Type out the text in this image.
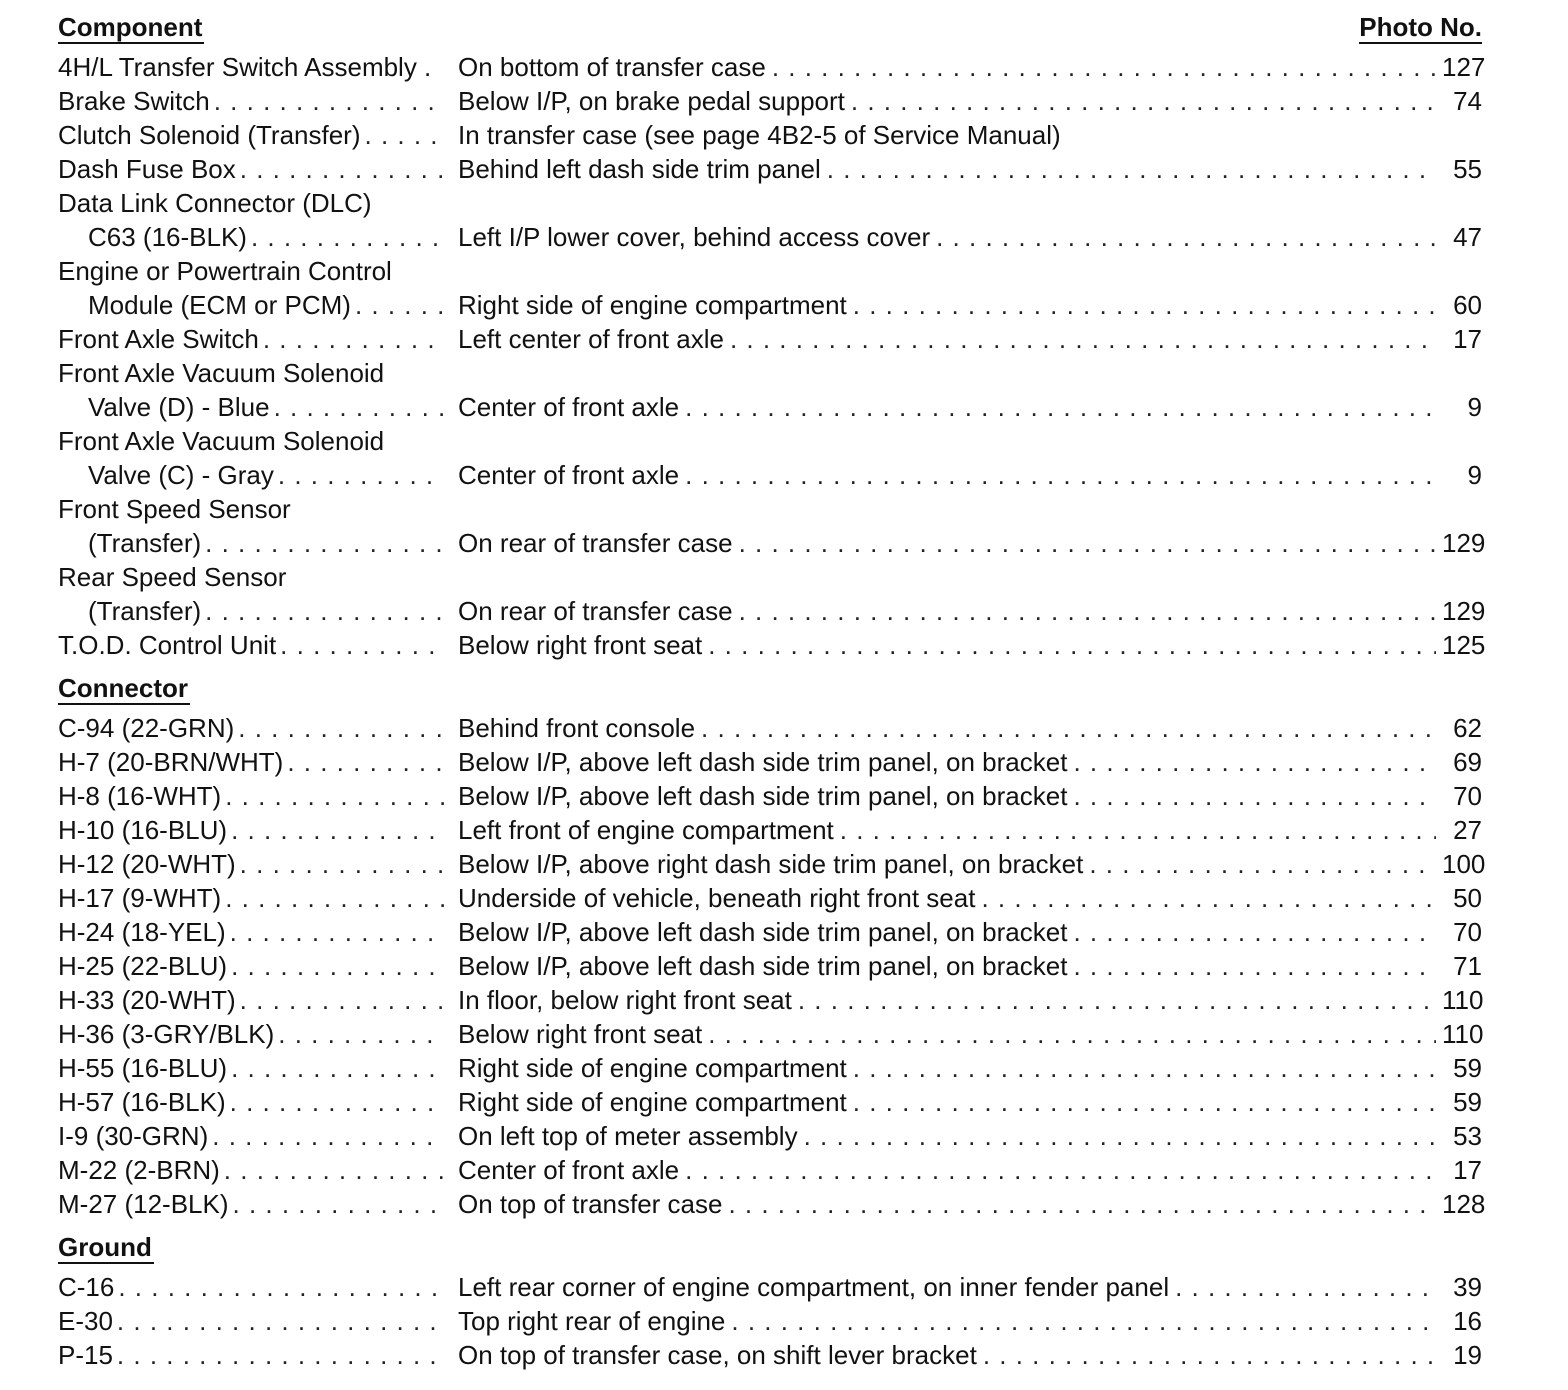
Component	Photo No.
4H/L Transfer Switch Assembly . On bottom of transfer case . . .	127
Brake Switch . . .	Below I/P, on brake pedal support . . .	74
Clutch Solenoid (Transfer) . . .	In transfer case (see page 4B2-5 of Service Manual)
Dash Fuse Box . . .	Behind left dash side trim panel . . .	55
Data Link Connector (DLC)
C63 (16-BLK) . . .	Left I/P lower cover, behind access cover . . .	47
Engine or Powertrain Control
Module (ECM or PCM) . . .	Right side of engine compartment . . .	60
Front Axle Switch . . .	Left center of front axle . . .	17
Front Axle Vacuum Solenoid
Valve (D) - Blue . . .	Center of front axle . . .	9
Front Axle Vacuum Solenoid
Valve (C) - Gray . . .	Center of front axle . . .	9
Front Speed Sensor
(Transfer) . . .	On rear of transfer case . . .	129
Rear Speed Sensor
(Transfer) . . .	On rear of transfer case . . .	129
T.O.D. Control Unit . . .	Below right front seat . . .	125
Connector
C-94 (22-GRN) . . .	Behind front console . . .	62
H-7 (20-BRN/WHT) . . .	Below I/P, above left dash side trim panel, on bracket . . .	69
H-8 (16-WHT) . . .	Below I/P, above left dash side trim panel, on bracket . . .	70
H-10 (16-BLU) . . .	Left front of engine compartment . . .	27
H-12 (20-WHT) . . .	Below I/P, above right dash side trim panel, on bracket . . .	100
H-17 (9-WHT) . . .	Underside of vehicle, beneath right front seat . . .	50
H-24 (18-YEL) . . .	Below I/P, above left dash side trim panel, on bracket . . .	70
H-25 (22-BLU) . . .	Below I/P, above left dash side trim panel, on bracket . . .	71
H-33 (20-WHT) . . .	In floor, below right front seat . . .	110
H-36 (3-GRY/BLK) . . .	Below right front seat . . .	110
H-55 (16-BLU) . . .	Right side of engine compartment . . .	59
H-57 (16-BLK) . . .	Right side of engine compartment . . .	59
I-9 (30-GRN) . . .	On left top of meter assembly . . .	53
M-22 (2-BRN) . . .	Center of front axle . . .	17
M-27 (12-BLK) . . .	On top of transfer case . . .	128
Ground
C-16 . . .	Left rear corner of engine compartment, on inner fender panel . . .	39
E-30 . . .	Top right rear of engine . . .	16
P-15 . . .	On top of transfer case, on shift lever bracket . . .	19
